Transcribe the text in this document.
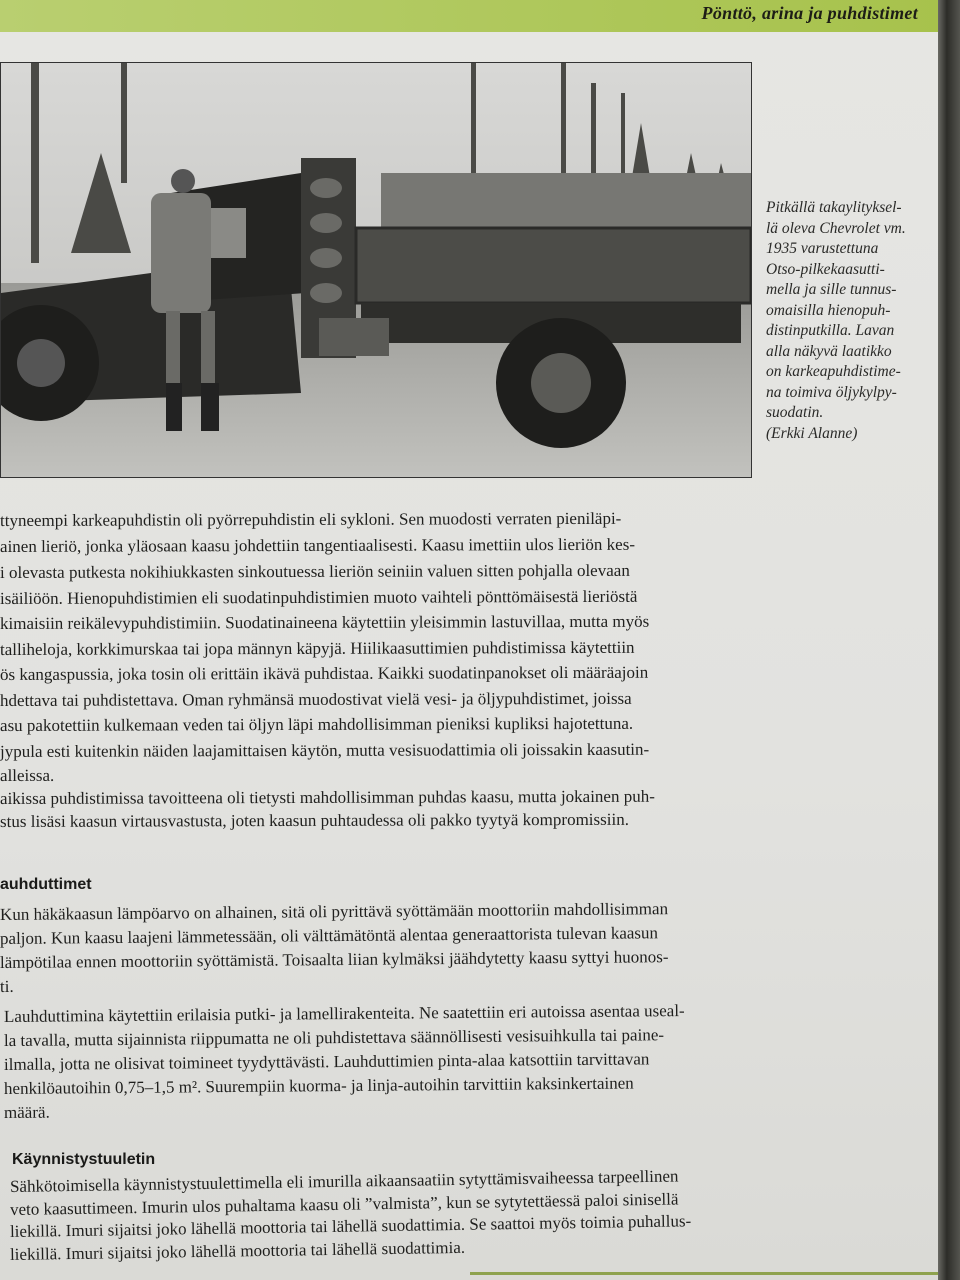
Pönttö, arina ja puhdistimet
Pitkällä takaylityksel-
lä oleva Chevrolet vm.
1935 varustettuna
Otso-pilkekaasutti-
mella ja sille tunnus-
omaisilla hienopuh-
distinputkilla. Lavan
alla näkyvä laatikko
on karkeapuhdistime-
na toimiva öljykylpy-
suodatin.
(Erkki Alanne)
ttyneempi karkeapuhdistin oli pyörrepuhdistin eli sykloni. Sen muodosti verraten pieniläpi-
ainen lieriö, jonka yläosaan kaasu johdettiin tangentiaalisesti. Kaasu imettiin ulos lieriön kes-
i olevasta putkesta nokihiukkasten sinkoutuessa lieriön seiniin valuen sitten pohjalla olevaan
isäiliöön. Hienopuhdistimien eli suodatinpuhdistimien muoto vaihteli pönttömäisestä lieriöstä
kimaisiin reikälevypuhdistimiin. Suodatinaineena käytettiin yleisimmin lastuvillaa, mutta myös
talliheloja, korkkimurskaa tai jopa männyn käpyjä. Hiilikaasuttimien puhdistimissa käytettiin
ös kangaspussia, joka tosin oli erittäin ikävä puhdistaa. Kaikki suodatinpanokset oli määräajoin
hdettava tai puhdistettava. Oman ryhmänsä muodostivat vielä vesi- ja öljypuhdistimet, joissa
asu pakotettiin kulkemaan veden tai öljyn läpi mahdollisimman pieniksi kupliksi hajotettuna.
jypula esti kuitenkin näiden laajamittaisen käytön, mutta vesisuodattimia oli joissakin kaasutin-
alleissa.
aikissa puhdistimissa tavoitteena oli tietysti mahdollisimman puhdas kaasu, mutta jokainen puh-
stus lisäsi kaasun virtausvastusta, joten kaasun puhtaudessa oli pakko tyytyä kompromissiin.
auhduttimet
Kun häkäkaasun lämpöarvo on alhainen, sitä oli pyrittävä syöttämään moottoriin mahdollisimman
paljon. Kun kaasu laajeni lämmetessään, oli välttämätöntä alentaa generaattorista tulevan kaasun
lämpötilaa ennen moottoriin syöttämistä. Toisaalta liian kylmäksi jäähdytetty kaasu syttyi huonos-
ti.
Lauhduttimina käytettiin erilaisia putki- ja lamellirakenteita. Ne saatettiin eri autoissa asentaa useal-
la tavalla, mutta sijainnista riippumatta ne oli puhdistettava säännöllisesti vesisuihkulla tai paine-
ilmalla, jotta ne olisivat toimineet tyydyttävästi. Lauhduttimien pinta-alaa katsottiin tarvittavan
henkilöautoihin 0,75–1,5 m². Suurempiin kuorma- ja linja-autoihin tarvittiin kaksinkertainen
määrä.
Käynnistystuuletin
Sähkötoimisella käynnistystuulettimella eli imurilla aikaansaatiin sytyttämisvaiheessa tarpeellinen
veto kaasuttimeen. Imurin ulos puhaltama kaasu oli ”valmista”, kun se sytytettäessä paloi sinisellä
liekillä. Imuri sijaitsi joko lähellä moottoria tai lähellä suodattimia. Se saattoi myös toimia puhallus-
liekillä. Imuri sijaitsi joko lähellä moottoria tai lähellä suodattimia.
